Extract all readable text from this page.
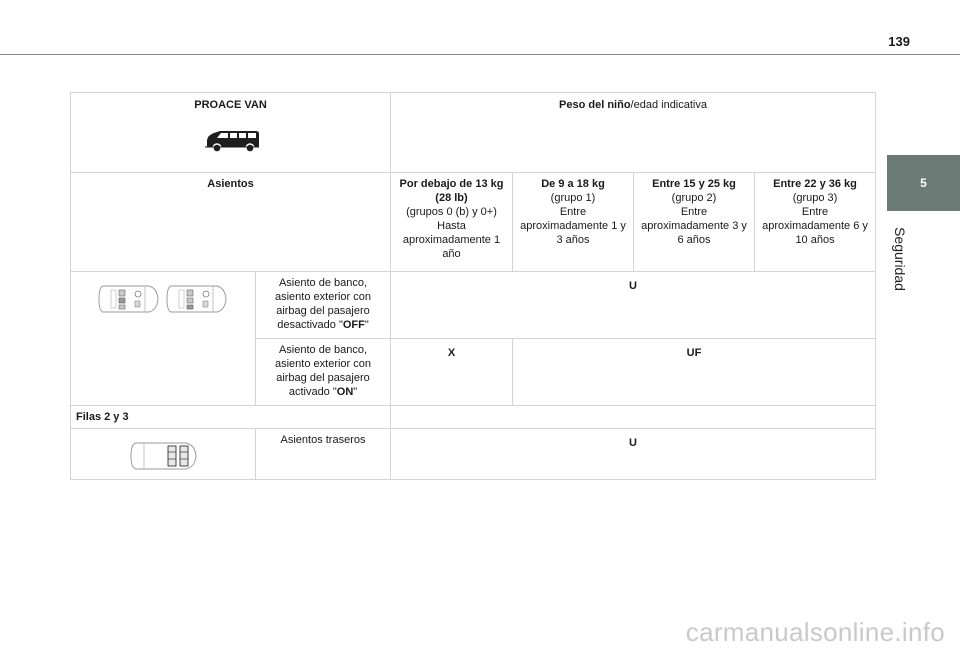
139
5
Seguridad
PROACE VAN		Peso del niño/edad indicativa			
Asientos		Por debajo de 13 kg (28 lb)
(grupos 0 (b) y 0+)
Hasta aproximadamente 1 año	De 9 a 18 kg
(grupo 1)
Entre aproximadamente 1 y 3 años	Entre 15 y 25 kg
(grupo 2)
Entre aproximadamente 3 y 6 años	Entre 22 y 36 kg
(grupo 3)
Entre aproximadamente 6 y 10 años

	Asiento de banco, asiento exterior con airbag del pasajero desactivado "OFF"	U			

	Asiento de banco, asiento exterior con airbag del pasajero activado "ON"	X	UF		

Filas 2 y 3					

	Asientos traseros	U			
carmanualsonline.info
